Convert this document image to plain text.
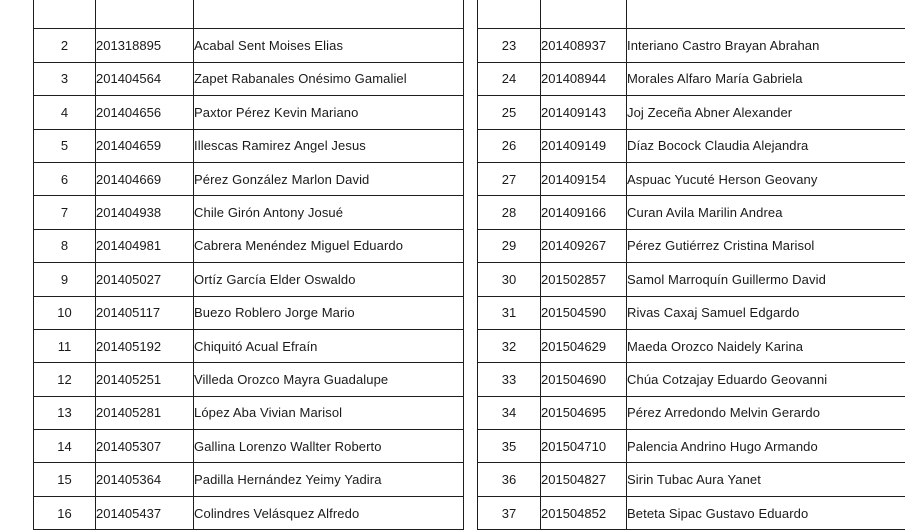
2	201318895	Acabal Sent Moises Elias
3	201404564	Zapet Rabanales Onésimo Gamaliel
4	201404656	Paxtor Pérez Kevin Mariano
5	201404659	Illescas Ramirez Angel Jesus
6	201404669	Pérez González Marlon David
7	201404938	Chile Girón Antony Josué
8	201404981	Cabrera Menéndez Miguel Eduardo
9	201405027	Ortíz García Elder Oswaldo
10	201405117	Buezo Roblero Jorge Mario
11	201405192	Chiquitó Acual Efraín
12	201405251	Villeda Orozco Mayra Guadalupe
13	201405281	López Aba Vivian Marisol
14	201405307	Gallina Lorenzo Wallter Roberto
15	201405364	Padilla Hernández Yeimy Yadira
16	201405437	Colindres Velásquez Alfredo

23	201408937	Interiano Castro Brayan Abrahan
24	201408944	Morales Alfaro María Gabriela
25	201409143	Joj Zeceña Abner Alexander
26	201409149	Díaz Bocock Claudia Alejandra
27	201409154	Aspuac Yucuté Herson Geovany
28	201409166	Curan Avila Marilin Andrea
29	201409267	Pérez Gutiérrez Cristina Marisol
30	201502857	Samol Marroquín Guillermo David
31	201504590	Rivas Caxaj Samuel Edgardo
32	201504629	Maeda Orozco Naidely Karina
33	201504690	Chúa Cotzajay Eduardo Geovanni
34	201504695	Pérez Arredondo Melvin Gerardo
35	201504710	Palencia Andrino Hugo Armando
36	201504827	Sirin Tubac Aura Yanet
37	201504852	Beteta Sipac Gustavo Eduardo
